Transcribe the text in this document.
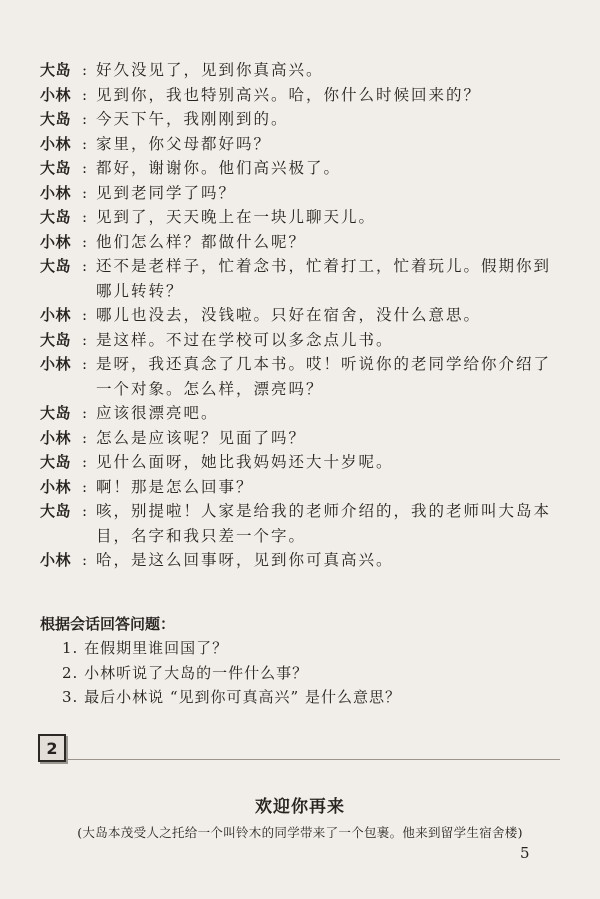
大岛 : 好久没见了，见到你真高兴。
小林 : 见到你，我也特别高兴。哈，你什么时候回来的？
大岛 : 今天下午，我刚刚到的。
小林 : 家里，你父母都好吗？
大岛 : 都好，谢谢你。他们高兴极了。
小林 : 见到老同学了吗？
大岛 : 见到了，天天晚上在一块儿聊天儿。
小林 : 他们怎么样？都做什么呢？
大岛 : 还不是老样子，忙着念书，忙着打工，忙着玩儿。假期你到哪儿转转？
小林 : 哪儿也没去，没钱啦。只好在宿舍，没什么意思。
大岛 : 是这样。不过在学校可以多念点儿书。
小林 : 是呀，我还真念了几本书。哎！听说你的老同学给你介绍了一个对象。怎么样，漂亮吗？
大岛 : 应该很漂亮吧。
小林 : 怎么是应该呢？见面了吗？
大岛 : 见什么面呀，她比我妈妈还大十岁呢。
小林 : 啊！那是怎么回事？
大岛 : 咳，别提啦！人家是给我的老师介绍的，我的老师叫大岛本目，名字和我只差一个字。
小林 : 哈，是这么回事呀，见到你可真高兴。
根据会话回答问题：
1. 在假期里谁回国了？
2. 小林听说了大岛的一件什么事？
3. 最后小林说 “见到你可真高兴” 是什么意思？
2
欢迎你再来
(大岛本茂受人之托给一个叫铃木的同学带来了一个包裹。他来到留学生宿舍楼)
5
